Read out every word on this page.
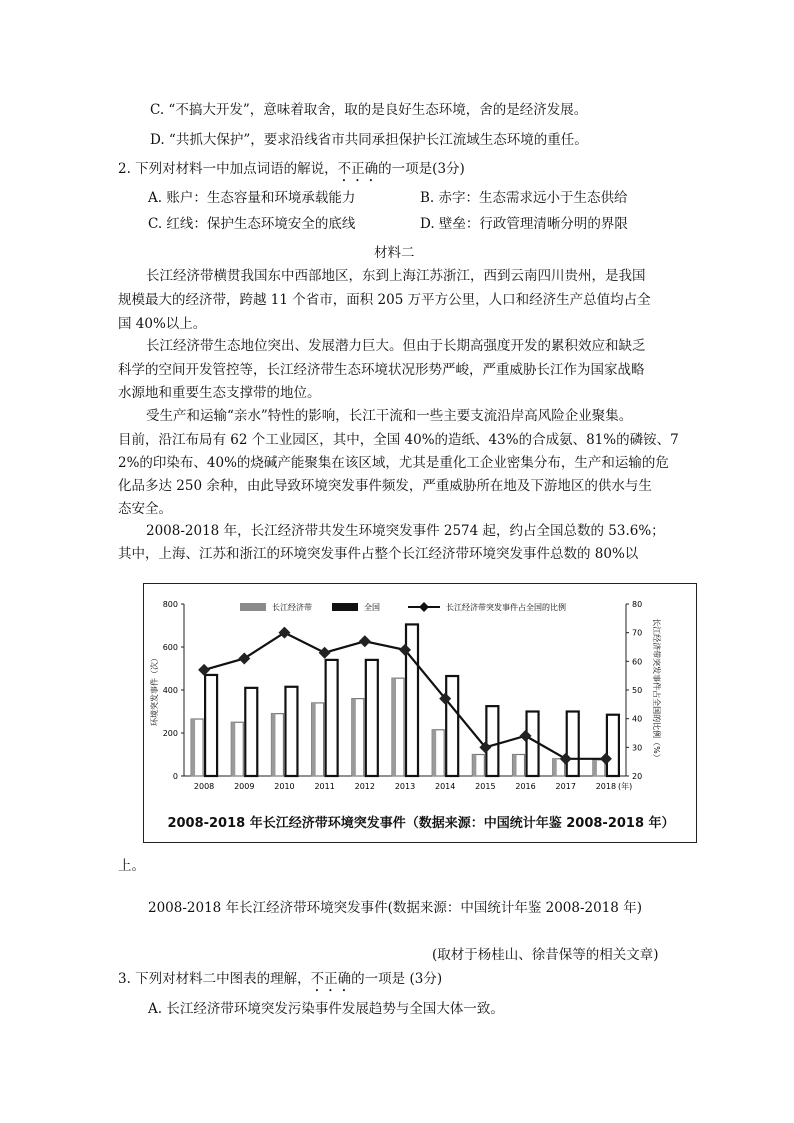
C. “不搞大开发”，意味着取舍，取的是良好生态环境，舍的是经济发展。
D. “共抓大保护”，要求沿线省市共同承担保护长江流域生态环境的重任。
2. 下列对材料一中加点词语的解说，不正确的一项是(3分)
A. 账户：生态容量和环境承载能力	B. 赤字：生态需求远小于生态供给
C. 红线：保护生态环境安全的底线	D. 壁垒：行政管理清晰分明的界限
材料二
长江经济带横贯我国东中西部地区，东到上海江苏浙江，西到云南四川贵州，是我国
规模最大的经济带，跨越 11 个省市，面积 205 万平方公里，人口和经济生产总值均占全
国 40%以上。
长江经济带生态地位突出、发展潜力巨大。但由于长期高强度开发的累积效应和缺乏
科学的空间开发管控等，长江经济带生态环境状况形势严峻，严重威胁长江作为国家战略
水源地和重要生态支撑带的地位。
受生产和运输“亲水”特性的影响，长江干流和一些主要支流沿岸高风险企业聚集。
目前，沿江布局有 62 个工业园区，其中，全国 40%的造纸、43%的合成氨、81%的磷铵、7
2%的印染布、40%的烧碱产能聚集在该区域，尤其是重化工企业密集分布，生产和运输的危
化品多达 250 余种，由此导致环境突发事件频发，严重威胁所在地及下游地区的供水与生
态安全。
2008-2018 年，长江经济带共发生环境突发事件 2574 起，约占全国总数的 53.6%；
其中，上海、江苏和浙江的环境突发事件占整个长江经济带环境突发事件总数的 80%以
0
200
400
600
800
20
30
40
50
60
70
80
环境突发事件（次）	长江经济带突发事件占全国的比例（%）
2008 2009 2010 2011 2012 2013 2014 2015 2016 2017 2018 (年)
长江经济带	全国	长江经济带突发事件占全国的比例
2008-2018 年长江经济带环境突发事件（数据来源：中国统计年鉴 2008-2018 年）
上。
2008-2018 年长江经济带环境突发事件(数据来源：中国统计年鉴 2008-2018 年)
(取材于杨桂山、徐昔保等的相关文章)
3. 下列对材料二中图表的理解，不正确的一项是 (3分)
A. 长江经济带环境突发污染事件发展趋势与全国大体一致。
